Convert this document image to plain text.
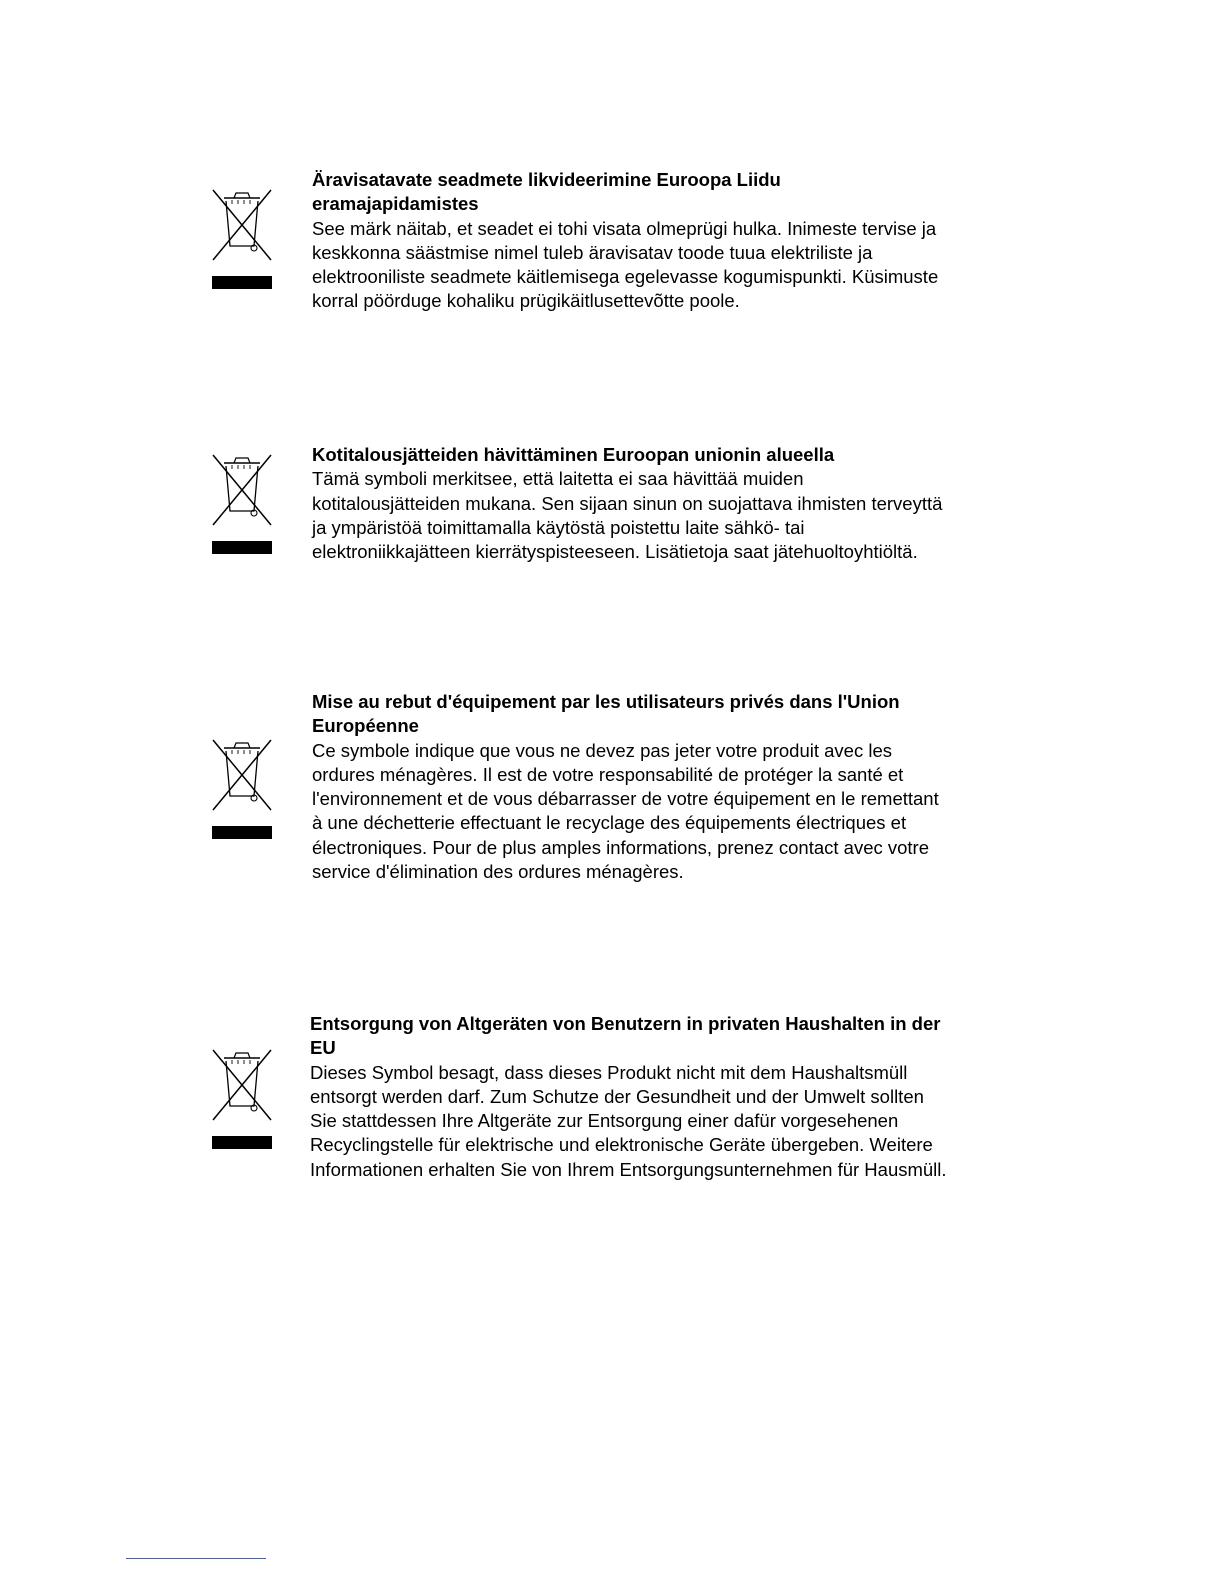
Äravisatavate seadmete likvideerimine Euroopa Liidu
eramajapidamistes

See märk näitab, et seadet ei tohi visata olmeprügi hulka. Inimeste tervise ja
keskkonna säästmise nimel tuleb äravisatav toode tuua elektriliste ja
elektrooniliste seadmete käitlemisega egelevasse kogumispunkti. Küsimuste
korral pöörduge kohaliku prügikäitlusettevõtte poole.

Kotitalousjätteiden hävittäminen Euroopan unionin alueella

Tämä symboli merkitsee, että laitetta ei saa hävittää muiden
kotitalousjätteiden mukana. Sen sijaan sinun on suojattava ihmisten terveyttä
ja ympäristöä toimittamalla käytöstä poistettu laite sähkö- tai
elektroniikkajätteen kierrätyspisteeseen. Lisätietoja saat jätehuoltoyhtiöltä.

Mise au rebut d'équipement par les utilisateurs privés dans l'Union
Européenne

Ce symbole indique que vous ne devez pas jeter votre produit avec les
ordures ménagères. Il est de votre responsabilité de protéger la santé et
l'environnement et de vous débarrasser de votre équipement en le remettant
à une déchetterie effectuant le recyclage des équipements électriques et
électroniques. Pour de plus amples informations, prenez contact avec votre
service d'élimination des ordures ménagères.

Entsorgung von Altgeräten von Benutzern in privaten Haushalten in der
EU

Dieses Symbol besagt, dass dieses Produkt nicht mit dem Haushaltsmüll
entsorgt werden darf. Zum Schutze der Gesundheit und der Umwelt sollten
Sie stattdessen Ihre Altgeräte zur Entsorgung einer dafür vorgesehenen
Recyclingstelle für elektrische und elektronische Geräte übergeben. Weitere
Informationen erhalten Sie von Ihrem Entsorgungsunternehmen für Hausmüll.
